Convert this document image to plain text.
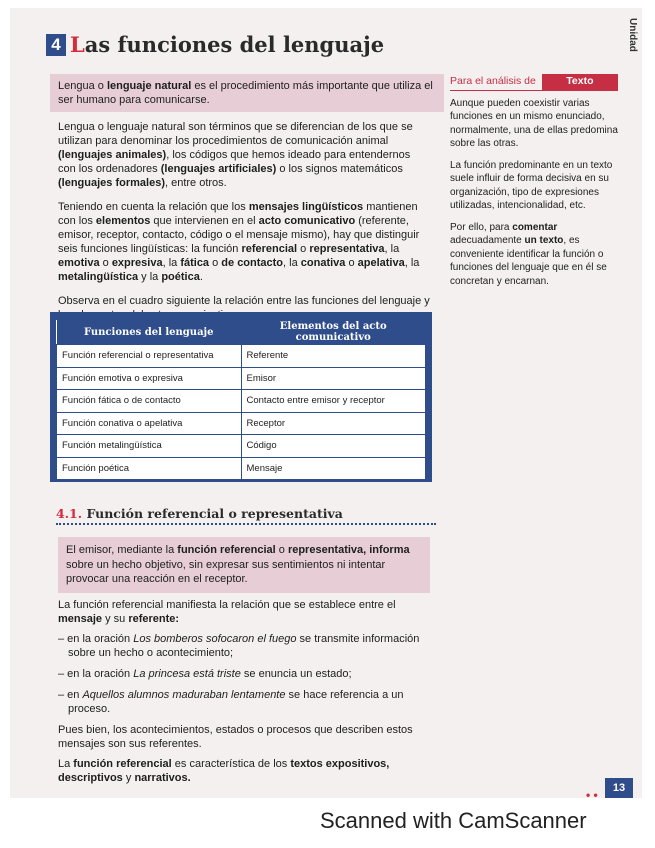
Unidad
4 L as funciones del lenguaje
Lengua o lenguaje natural es el procedimiento más importante que utiliza el ser humano para comunicarse.

Lengua o lenguaje natural son términos que se diferencian de los que se utilizan para denominar los procedimientos de comunicación animal (lenguajes animales), los códigos que hemos ideado para entendernos con los ordenadores (lenguajes artificiales) o los signos matemáticos (lenguajes formales), entre otros.

Teniendo en cuenta la relación que los mensajes lingüísticos mantienen con los elementos que intervienen en el acto comunicativo (referente, emisor, receptor, contacto, código o el mensaje mismo), hay que distinguir seis funciones lingüísticas: la función referencial o representativa, la emotiva o expresiva, la fática o de contacto, la conativa o apelativa, la metalingüística y la poética.

Observa en el cuadro siguiente la relación entre las funciones del lenguaje y

Para el análisis de	Texto

Aunque pueden coexistir varias funciones en un mismo enunciado, normalmente, una de ellas predomina sobre las otras.

La función predominante en un texto suele influir de forma decisiva en su organización, tipo de expresiones utilizadas, intencionalidad, etc.

Por ello, para comentar adecuadamente un texto, es conveniente identificar la función o funciones del lenguaje que en él se concretan y encarnan.

Funciones del lenguaje	Elementos del acto comunicativo
Función referencial o representativa	Referente
Función emotiva o expresiva	Emisor
Función fática o de contacto	Contacto entre emisor y receptor
Función conativa o apelativa	Receptor
Función metalingüística	Código
Función poética	Mensaje
4.1. Función referencial o representativa
El emisor, mediante la función referencial o representativa, informa sobre un hecho objetivo, sin expresar sus sentimientos ni intentar provocar una reacción en el receptor.

La función referencial manifiesta la relación que se establece entre el mensaje y su referente:

– en la oración Los bomberos sofocaron el fuego se transmite información sobre un hecho o acontecimiento;
– en la oración La princesa está triste se enuncia un estado;
– en Aquellos alumnos maduraban lentamente se hace referencia a un proceso.

Pues bien, los acontecimientos, estados o procesos que describen estos mensajes son sus referentes.

La función referencial es característica de los textos expositivos, descriptivos y narrativos.

• •	13
Scanned with CamScanner
